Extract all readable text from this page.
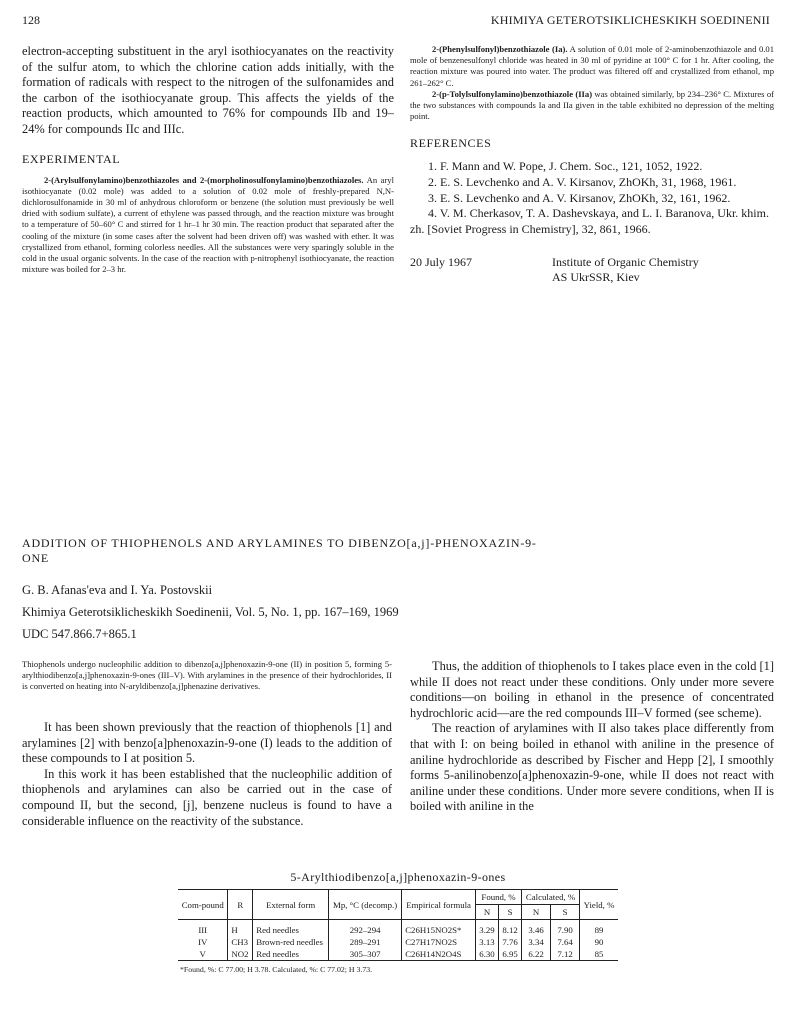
128	KHIMIYA GETEROTSIKLICHESKIKH SOEDINENII

electron-accepting substituent in the aryl isothiocyanates on the reactivity of the sulfur atom, to which the chlorine cation adds initially, with the formation of radicals with respect to the nitrogen of the sulfonamides and the carbon of the isothiocyanate group. This affects the yields of the reaction products, which amounted to 76% for compounds IIb and 19–24% for compounds IIc and IIIc.

EXPERIMENTAL

2-(Arylsulfonylamino)benzothiazoles and 2-(morpholinosulfonylamino)benzothiazoles. An aryl isothiocyanate (0.02 mole) was added to a solution of 0.02 mole of freshly-prepared N,N-dichlorosulfonamide in 30 ml of anhydrous chloroform or benzene (the solution must previously be well dried with sodium sulfate), a current of ethylene was passed through, and the reaction mixture was brought to a temperature of 50–60° C and stirred for 1 hr–1 hr 30 min. The reaction product that separated after the cooling of the mixture (in some cases after the solvent had been driven off) was washed with ether. It was crystallized from ethanol, forming colorless needles. All the substances were very sparingly soluble in the cold in the usual organic solvents. In the case of the reaction with p-nitrophenyl isothiocyanate, the reaction mixture was boiled for 2–3 hr.

2-(Phenylsulfonyl)benzothiazole (Ia). A solution of 0.01 mole of 2-aminobenzothiazole and 0.01 mole of benzenesulfonyl chloride was heated in 30 ml of pyridine at 100° C for 1 hr. After cooling, the reaction mixture was poured into water. The product was filtered off and crystallized from ethanol, mp 261–262° C.

2-(p-Tolylsulfonylamino)benzothiazole (IIa) was obtained similarly, bp 234–236° C. Mixtures of the two substances with compounds Ia and IIa given in the table exhibited no depression of the melting point.

REFERENCES

1. F. Mann and W. Pope, J. Chem. Soc., 121, 1052, 1922.

2. E. S. Levchenko and A. V. Kirsanov, ZhOKh, 31, 1968, 1961.

3. E. S. Levchenko and A. V. Kirsanov, ZhOKh, 32, 161, 1962.

4. V. M. Cherkasov, T. A. Dashevskaya, and L. I. Baranova, Ukr. khim. zh. [Soviet Progress in Chemistry], 32, 861, 1966.

20 July 1967	Institute of Organic Chemistry
AS UkrSSR, Kiev

ADDITION OF THIOPHENOLS AND ARYLAMINES TO DIBENZO[a,j]-PHENOXAZIN-9-ONE

G. B. Afanas'eva and I. Ya. Postovskii

Khimiya Geterotsiklicheskikh Soedinenii, Vol. 5, No. 1, pp. 167–169, 1969

UDC 547.866.7+865.1

Thiophenols undergo nucleophilic addition to dibenzo[a,j]phenoxazin-9-one (II) in position 5, forming 5-arylthiodibenzo[a,j]phenoxazin-9-ones (III–V). With arylamines in the presence of their hydrochlorides, II is converted on heating into N-aryldibenzo[a,j]phenazine derivatives.

It has been shown previously that the reaction of thiophenols [1] and arylamines [2] with benzo[a]phenoxazin-9-one (I) leads to the addition of these compounds to I at position 5.

In this work it has been established that the nucleophilic addition of thiophenols and arylamines can also be carried out in the case of compound II, but the second, [j], benzene nucleus is found to have a considerable influence on the reactivity of the substance.

Thus, the addition of thiophenols to I takes place even in the cold [1] while II does not react under these conditions. Only under more severe conditions—on boiling in ethanol in the presence of concentrated hydrochloric acid—are the red compounds III–V formed (see scheme).

The reaction of arylamines with II also takes place differently from that with I: on being boiled in ethanol with aniline in the presence of aniline hydrochloride as described by Fischer and Hepp [2], I smoothly forms 5-anilinobenzo[a]phenoxazin-9-one, while II does not react with aniline under these conditions. Under more severe conditions, when II is boiled with aniline in the

5-Arylthiodibenzo[a,j]phenoxazin-9-ones
Com-pound	R	External form	Mp, °C (decomp.)	Empirical formula	Found, %		Calculated, %		Yield, %
					N	S	N	S	
III	H	Red needles	292–294	C26H15NO2S*	3.29	8.12	3.46	7.90	89
IV	CH3	Brown-red needles	289–291	C27H17NO2S	3.13	7.76	3.34	7.64	90
V	NO2	Red needles	305–307	C26H14N2O4S	6.30	6.95	6.22	7.12	85
*Found, %: C 77.00; H 3.78. Calculated, %: C 77.02; H 3.73.
